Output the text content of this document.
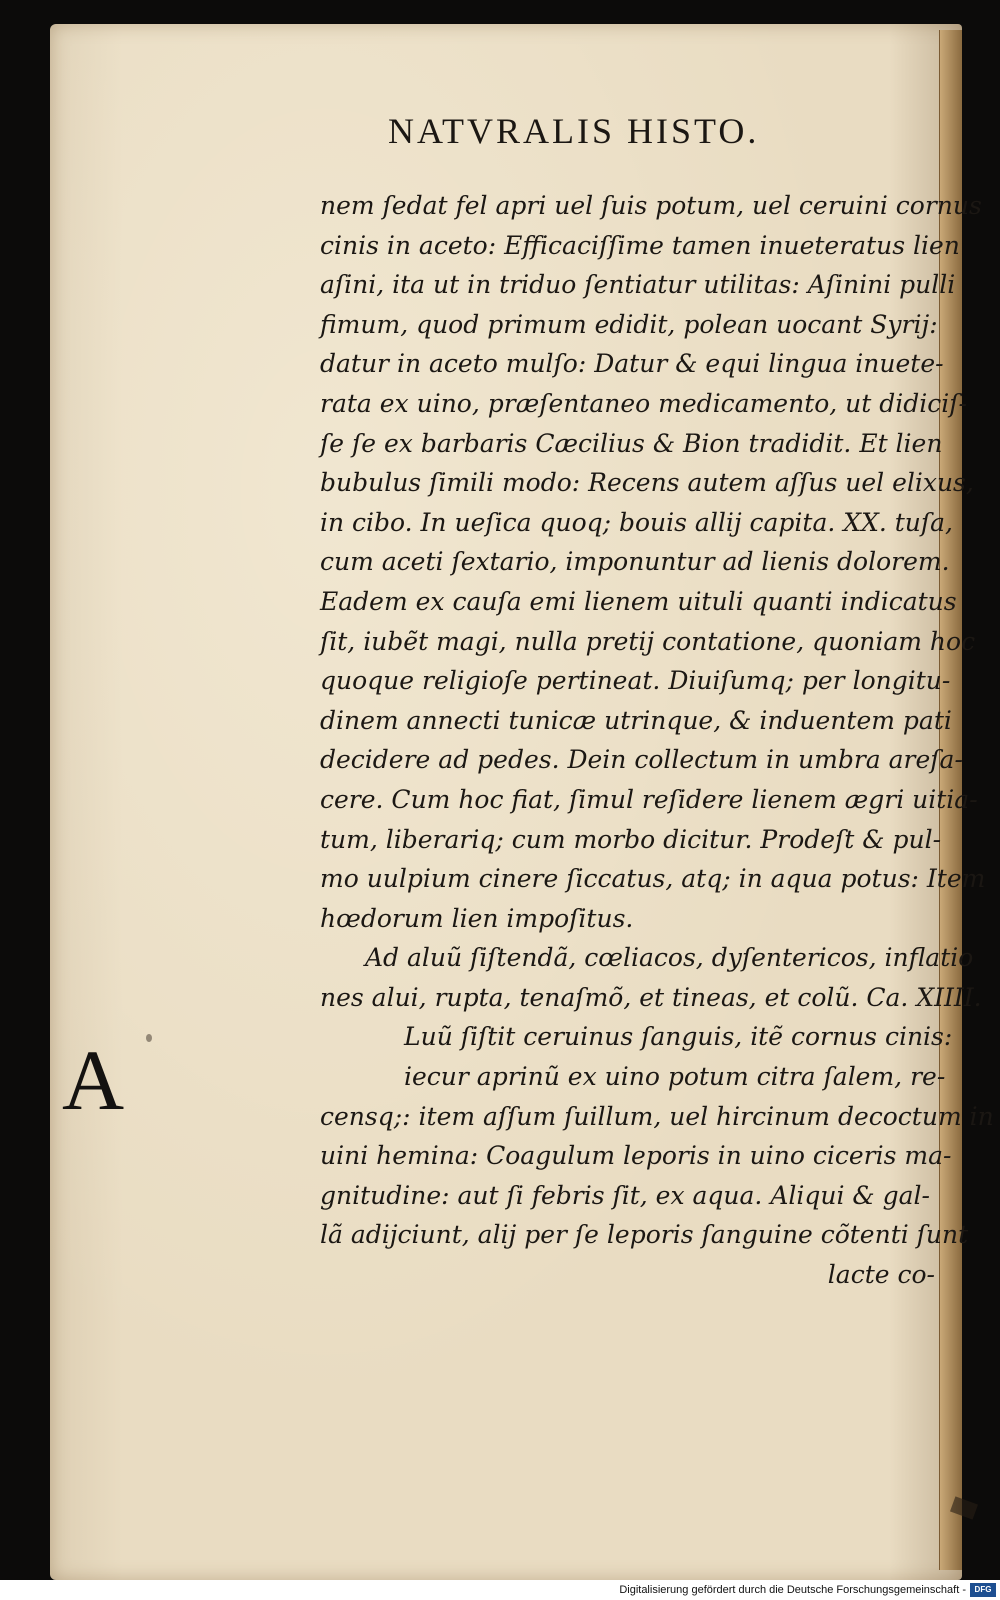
NATVRALIS HISTO.
nem ſedat fel apri uel ſuis potum, uel ceruini cornus
cinis in aceto: Efficaciſſime tamen inueteratus lien
aſini, ita ut in triduo ſentiatur utilitas: Aſinini pulli
fimum, quod primum edidit, polean uocant Syrij:
datur in aceto mulſo: Datur & equi lingua inuete-
rata ex uino, præſentaneo medicamento, ut didiciſ-
ſe ſe ex barbaris Cæcilius & Bion tradidit. Et lien
bubulus ſimili modo: Recens autem aſſus uel elixus,
in cibo. In ueſica quoq; bouis allij capita. XX. tuſa,
cum aceti ſextario, imponuntur ad lienis dolorem.
Eadem ex cauſa emi lienem uituli quanti indicatus
ſit, iubẽt magi, nulla pretij contatione, quoniam hoc
quoque religioſe pertineat. Diuiſumq; per longitu-
dinem annecti tunicæ utrinque, & induentem pati
decidere ad pedes. Dein collectum in umbra areſa-
cere. Cum hoc fiat, ſimul reſidere lienem ægri uitia-
tum, liberariq; cum morbo dicitur. Prodeſt & pul-
mo uulpium cinere ſiccatus, atq; in aqua potus: Item
hœdorum lien impoſitus.
Ad aluũ ſiſtendã, cœliacos, dyſentericos, inflatio
nes alui, rupta, tenaſmõ, et tineas, et colũ. Ca. XIIII.
Luũ ſiſtit ceruinus ſanguis, itẽ cornus cinis:
iecur aprinũ ex uino potum citra ſalem, re-
censq;: item aſſum ſuillum, uel hircinum decoctum in
uini hemina: Coagulum leporis in uino ciceris ma-
gnitudine: aut ſi febris ſit, ex aqua. Aliqui & gal-
lã adijciunt, alij per ſe leporis ſanguine cõtenti ſunt
lacte co-
A
Digitalisierung gefördert durch die Deutsche Forschungsgemeinschaft -	DFG
